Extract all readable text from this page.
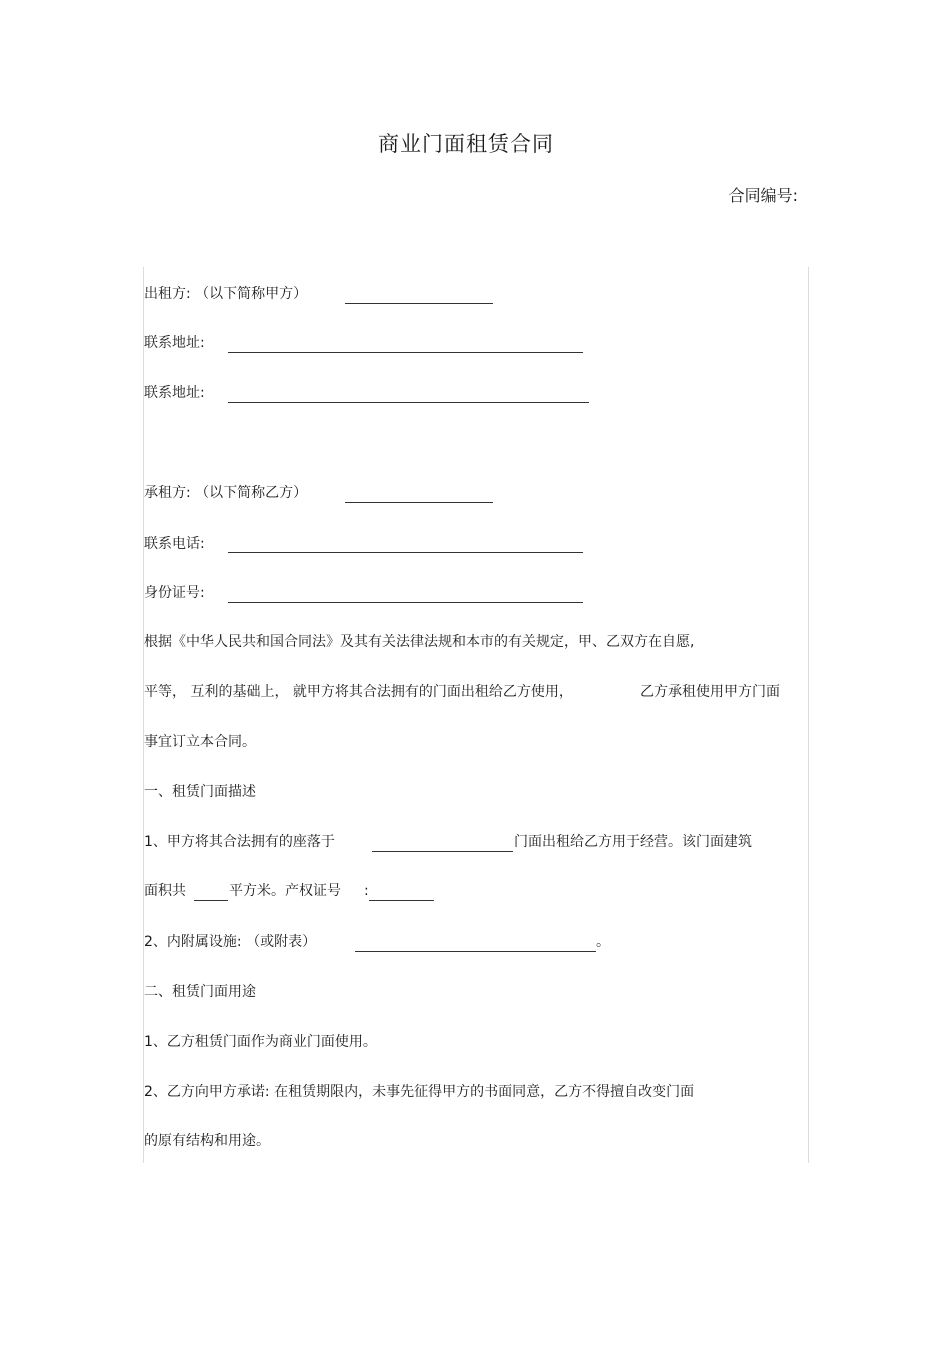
商业门面租赁合同
合同编号:
出租方: （以下简称甲方）
联系地址:
联系地址:
承租方: （以下简称乙方）
联系电话:
身份证号:
根据《中华人民共和国合同法》及其有关法律法规和本市的有关规定，甲、乙双方在自愿,
平等， 互利的基础上， 就甲方将其合法拥有的门面出租给乙方使用，	乙方承租使用甲方门面
事宜订立本合同。
一、租赁门面描述
1、甲方将其合法拥有的座落于	门面出租给乙方用于经营。该门面建筑
面积共	平方米。产权证号 :
2、内附属设施: （或附表）	。
二、租赁门面用途
1、乙方租赁门面作为商业门面使用。
2、乙方向甲方承诺: 在租赁期限内，未事先征得甲方的书面同意，乙方不得擅自改变门面
的原有结构和用途。
